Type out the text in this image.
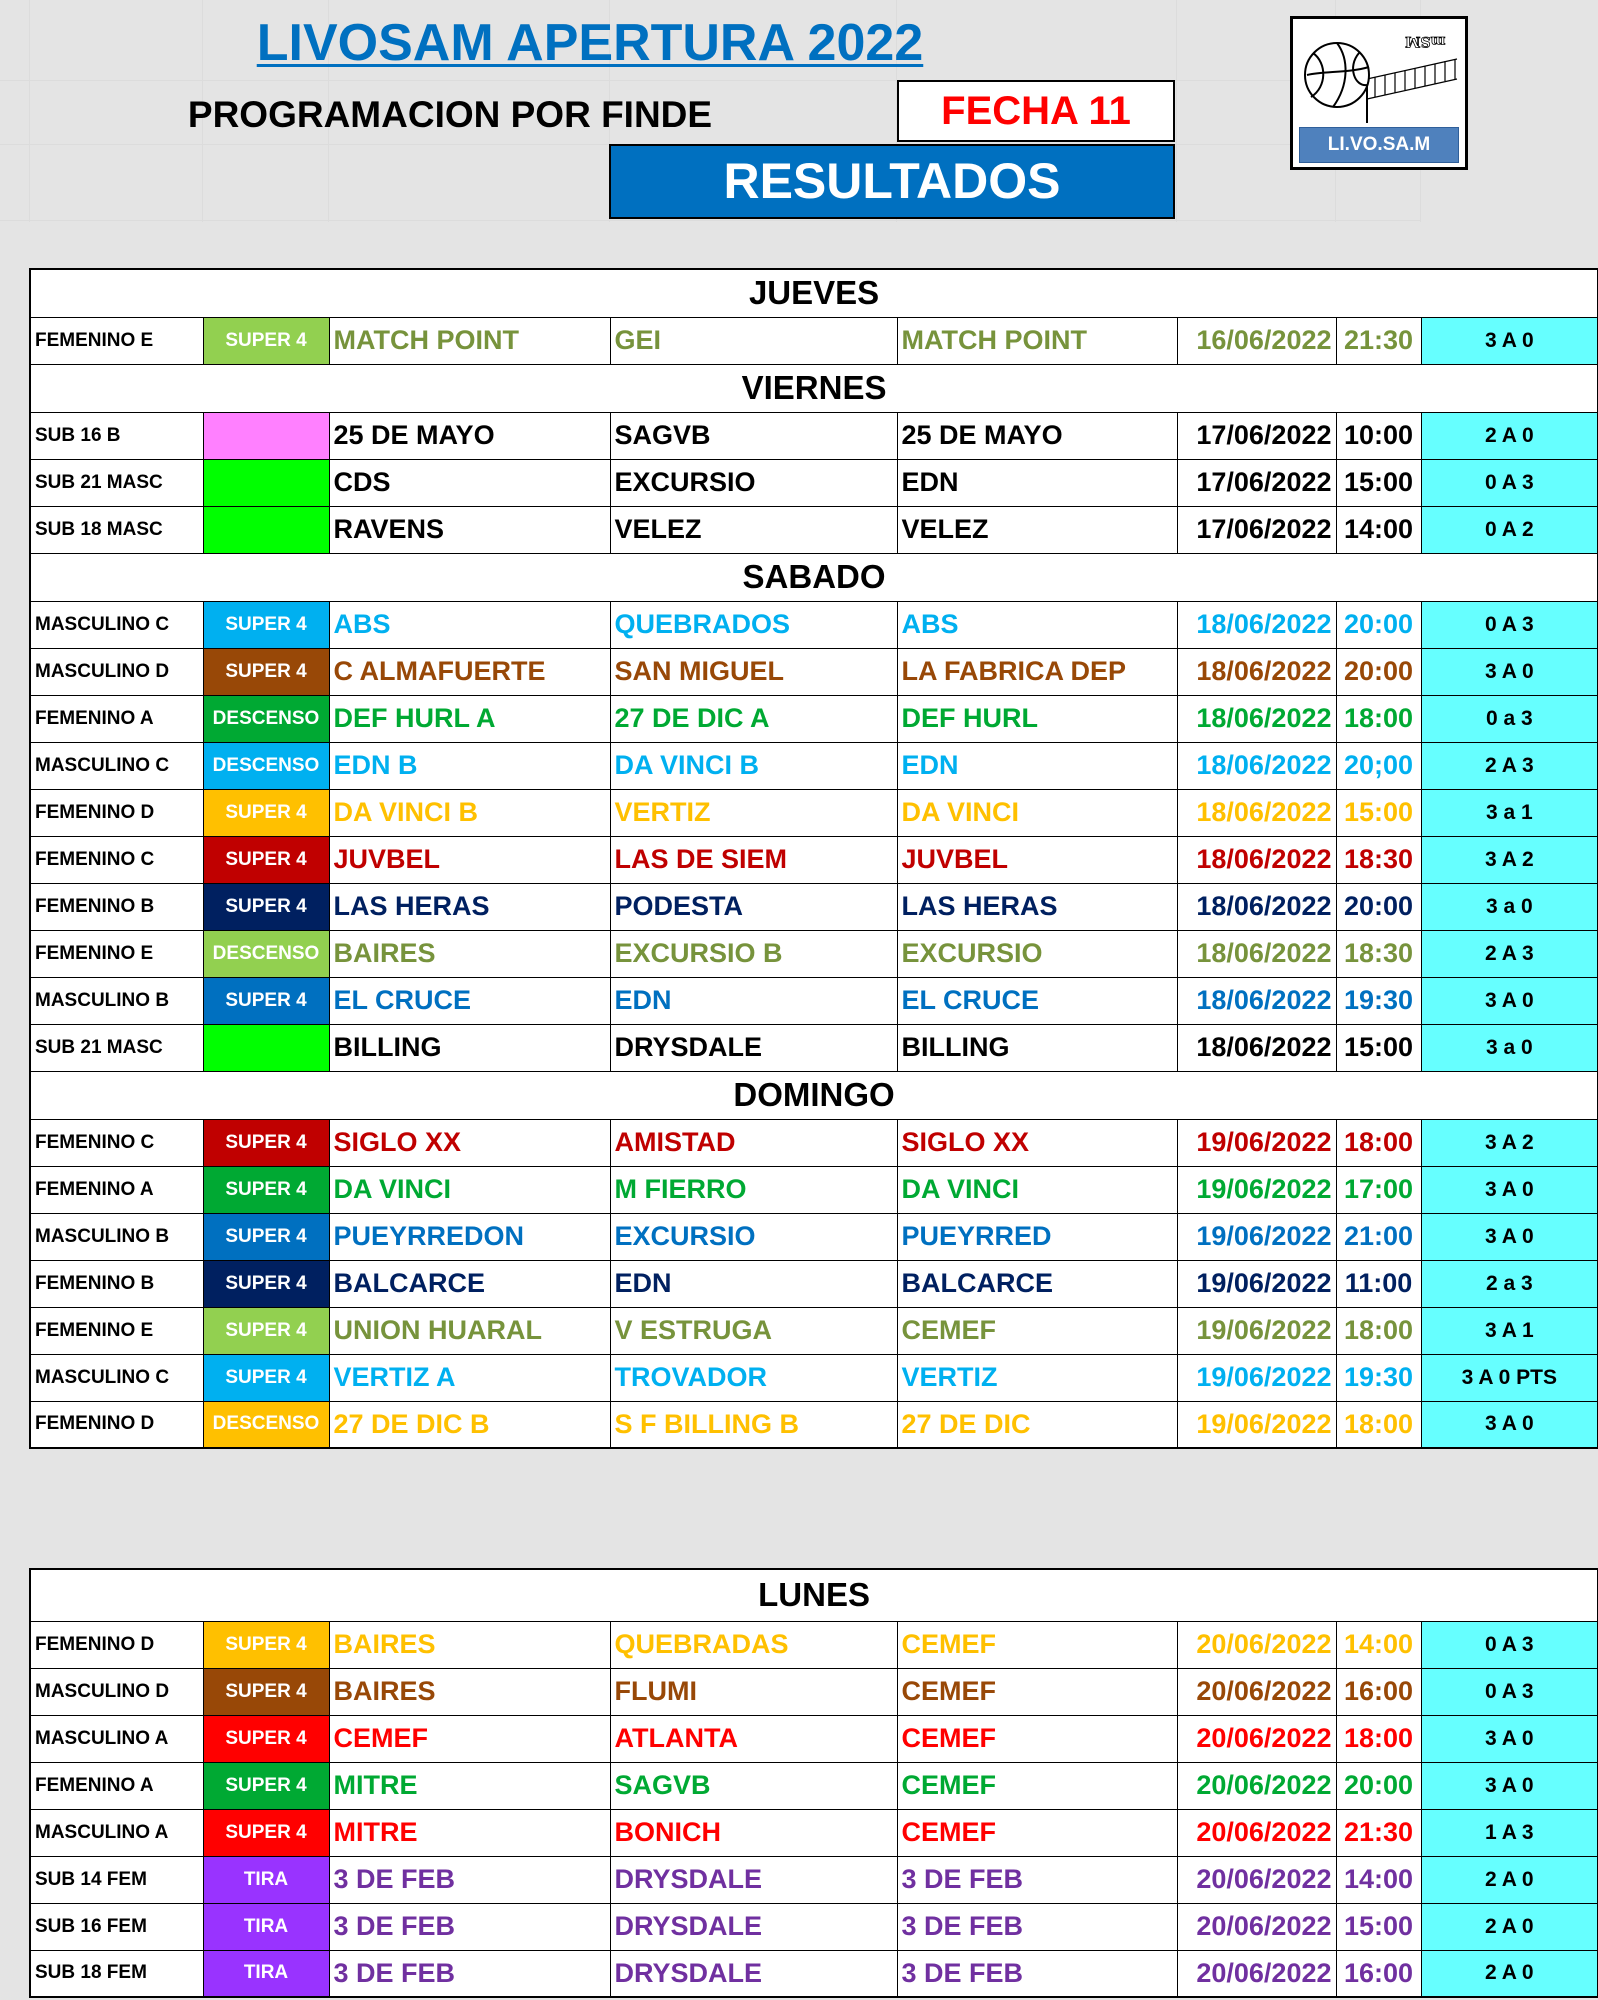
LIVOSAM APERTURA 2022
PROGRAMACION POR FINDE	FECHA 11
RESULTADOS
mSM
LI.VO.SA.M
JUEVES							
FEMENINO E	SUPER 4	MATCH POINT	GEI	MATCH POINT	16/06/2022	21:30	3 A 0
VIERNES							
SUB 16 B		25 DE MAYO	SAGVB	25 DE MAYO	17/06/2022	10:00	2 A 0
SUB 21 MASC		CDS	EXCURSIO	EDN	17/06/2022	15:00	0 A 3
SUB 18 MASC		RAVENS	VELEZ	VELEZ	17/06/2022	14:00	0 A 2
SABADO							
MASCULINO C	SUPER 4	ABS	QUEBRADOS	ABS	18/06/2022	20:00	0 A 3
MASCULINO D	SUPER 4	C ALMAFUERTE	SAN MIGUEL	LA FABRICA DEP	18/06/2022	20:00	3 A 0
FEMENINO A	DESCENSO	DEF HURL A	27 DE DIC A	DEF HURL	18/06/2022	18:00	0 a 3
MASCULINO C	DESCENSO	EDN B	DA VINCI B	EDN	18/06/2022	20;00	2 A 3
FEMENINO D	SUPER 4	DA VINCI B	VERTIZ	DA VINCI	18/06/2022	15:00	3 a 1
FEMENINO C	SUPER 4	JUVBEL	LAS DE SIEM	JUVBEL	18/06/2022	18:30	3 A 2
FEMENINO B	SUPER 4	LAS HERAS	PODESTA	LAS HERAS	18/06/2022	20:00	3 a 0
FEMENINO E	DESCENSO	BAIRES	EXCURSIO B	EXCURSIO	18/06/2022	18:30	2 A 3
MASCULINO B	SUPER 4	EL CRUCE	EDN	EL CRUCE	18/06/2022	19:30	3 A 0
SUB 21 MASC		BILLING	DRYSDALE	BILLING	18/06/2022	15:00	3 a 0
DOMINGO							
FEMENINO C	SUPER 4	SIGLO XX	AMISTAD	SIGLO XX	19/06/2022	18:00	3 A 2
FEMENINO A	SUPER 4	DA VINCI	M FIERRO	DA VINCI	19/06/2022	17:00	3 A 0
MASCULINO B	SUPER 4	PUEYRREDON	EXCURSIO	PUEYRRED	19/06/2022	21:00	3 A 0
FEMENINO B	SUPER 4	BALCARCE	EDN	BALCARCE	19/06/2022	11:00	2 a 3
FEMENINO E	SUPER 4	UNION HUARAL	V ESTRUGA	CEMEF	19/06/2022	18:00	3 A 1
MASCULINO C	SUPER 4	VERTIZ A	TROVADOR	VERTIZ	19/06/2022	19:30	3 A 0 PTS
FEMENINO D	DESCENSO	27 DE DIC B	S F BILLING B	27 DE DIC	19/06/2022	18:00	3 A 0
LUNES							
FEMENINO D	SUPER 4	BAIRES	QUEBRADAS	CEMEF	20/06/2022	14:00	0 A 3
MASCULINO D	SUPER 4	BAIRES	FLUMI	CEMEF	20/06/2022	16:00	0 A 3
MASCULINO A	SUPER 4	CEMEF	ATLANTA	CEMEF	20/06/2022	18:00	3 A 0
FEMENINO A	SUPER 4	MITRE	SAGVB	CEMEF	20/06/2022	20:00	3 A 0
MASCULINO A	SUPER 4	MITRE	BONICH	CEMEF	20/06/2022	21:30	1 A 3
SUB 14 FEM	TIRA	3 DE FEB	DRYSDALE	3 DE FEB	20/06/2022	14:00	2 A 0
SUB 16 FEM	TIRA	3 DE FEB	DRYSDALE	3 DE FEB	20/06/2022	15:00	2 A 0
SUB 18 FEM	TIRA	3 DE FEB	DRYSDALE	3 DE FEB	20/06/2022	16:00	2 A 0
